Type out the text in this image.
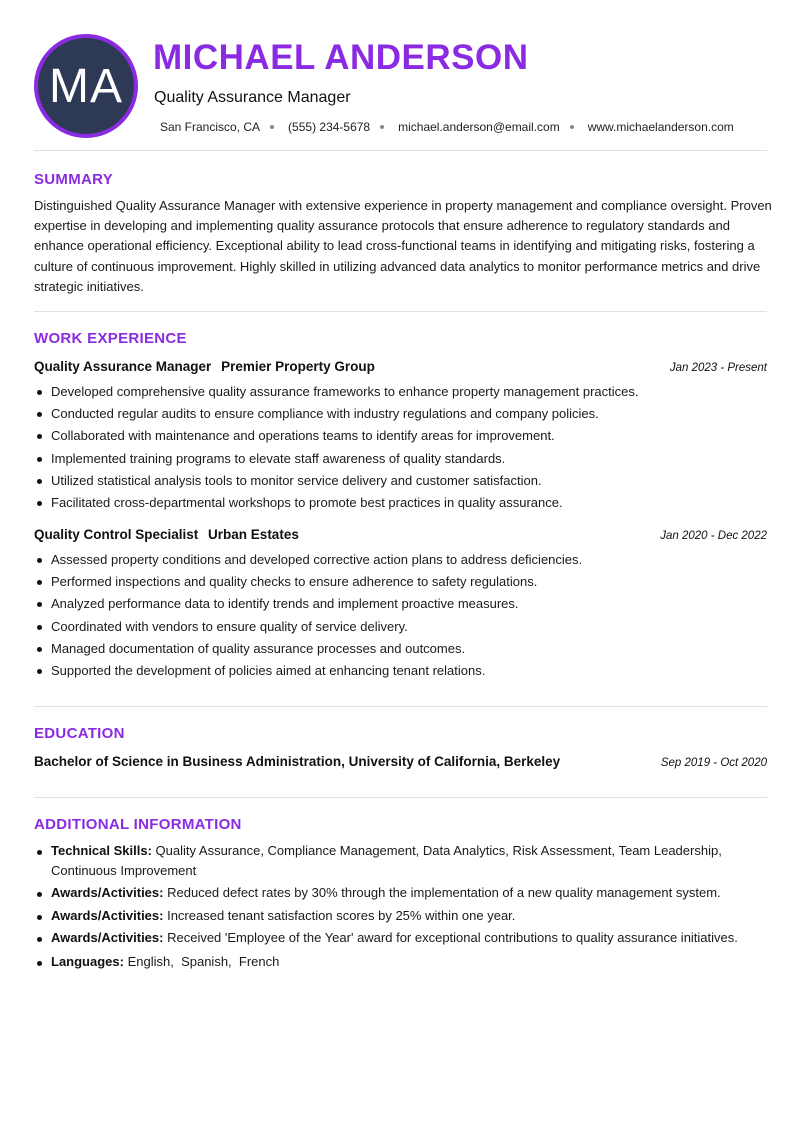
MA
MICHAEL ANDERSON
Quality Assurance Manager
San Francisco, CA (555) 234-5678 michael.anderson@email.com www.michaelanderson.com
SUMMARY
Distinguished Quality Assurance Manager with extensive experience in property management and compliance oversight. Proven expertise in developing and implementing quality assurance protocols that ensure adherence to regulatory standards and enhance operational efficiency. Exceptional ability to lead cross-functional teams in identifying and mitigating risks, fostering a culture of continuous improvement. Highly skilled in utilizing advanced data analytics to monitor performance metrics and drive strategic initiatives.
WORK EXPERIENCE
Quality Assurance Manager Premier Property Group	Jan 2023 - Present
Developed comprehensive quality assurance frameworks to enhance property management practices.
Conducted regular audits to ensure compliance with industry regulations and company policies.
Collaborated with maintenance and operations teams to identify areas for improvement.
Implemented training programs to elevate staff awareness of quality standards.
Utilized statistical analysis tools to monitor service delivery and customer satisfaction.
Facilitated cross-departmental workshops to promote best practices in quality assurance.
Quality Control Specialist Urban Estates	Jan 2020 - Dec 2022
Assessed property conditions and developed corrective action plans to address deficiencies.
Performed inspections and quality checks to ensure adherence to safety regulations.
Analyzed performance data to identify trends and implement proactive measures.
Coordinated with vendors to ensure quality of service delivery.
Managed documentation of quality assurance processes and outcomes.
Supported the development of policies aimed at enhancing tenant relations.
EDUCATION
Bachelor of Science in Business Administration, University of California, Berkeley	Sep 2019 - Oct 2020
ADDITIONAL INFORMATION
Technical Skills: Quality Assurance, Compliance Management, Data Analytics, Risk Assessment, Team Leadership, Continuous Improvement
Awards/Activities: Reduced defect rates by 30% through the implementation of a new quality management system.
Awards/Activities: Increased tenant satisfaction scores by 25% within one year.
Awards/Activities: Received 'Employee of the Year' award for exceptional contributions to quality assurance initiatives.
Languages: English,  Spanish,  French
